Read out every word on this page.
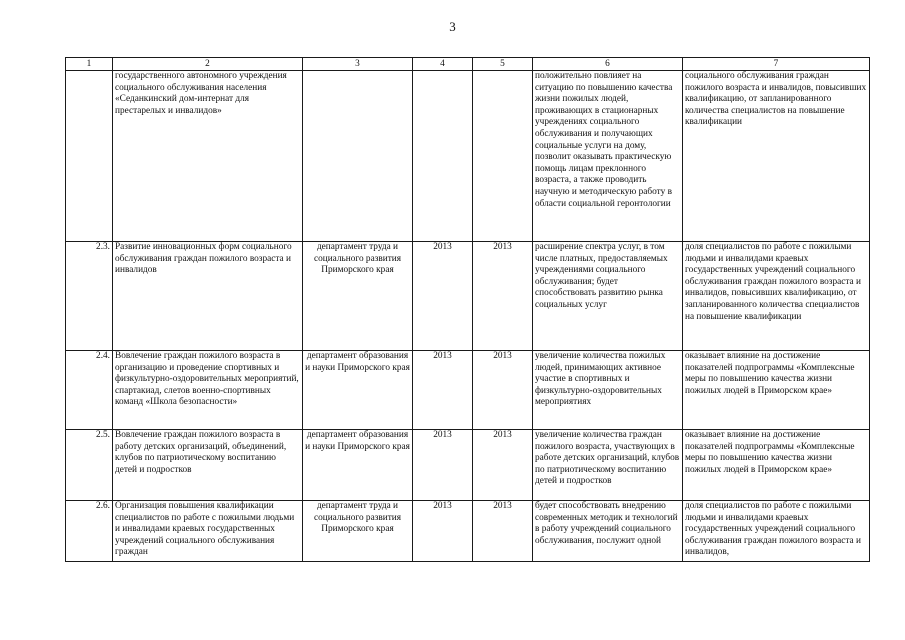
3
1	2	3	4	5	6	7
	государственного автономного учреждения социального обслуживания населения «Седанкинский дом-интернат для престарелых и инвалидов»				положительно повлияет на ситуацию по повышению качества жизни пожилых людей, проживающих в стационарных учреждениях социального обслуживания и получающих социальные услуги на дому, позволит оказывать практическую помощь лицам преклонного возраста, а также проводить научную и методическую работу в области социальной геронтологии	социального обслуживания граждан пожилого возраста и инвалидов, повысивших квалификацию, от запланированного количества специалистов на повышение квалификации
2.3.	Развитие инновационных форм социального обслуживания граждан пожилого возраста и инвалидов	департамент труда и социального развития Приморского края	2013	2013	расширение спектра услуг, в том числе платных, предоставляемых учреждениями социального обслуживания; будет способствовать развитию рынка социальных услуг	доля специалистов по работе с пожилыми людьми и инвалидами краевых государственных учреждений социального обслуживания граждан пожилого возраста и инвалидов, повысивших квалификацию, от запланированного количества специалистов на повышение квалификации
2.4.	Вовлечение граждан пожилого возраста в организацию и проведение спортивных и физкультурно-оздоровительных мероприятий, спартакиад, слетов военно-спортивных команд «Школа безопасности»	департамент образования и науки Приморского края	2013	2013	увеличение количества пожилых людей, принимающих активное участие в спортивных и физкультурно-оздоровительных мероприятиях	оказывает влияние на достижение показателей подпрограммы «Комплексные меры по повышению качества жизни пожилых людей в Приморском крае»
2.5.	Вовлечение граждан пожилого возраста в работу детских организаций, объединений, клубов по патриотическому воспитанию детей и подростков	департамент образования и науки Приморского края	2013	2013	увеличение количества граждан пожилого возраста, участвующих в работе детских организаций, клубов по патриотическому воспитанию детей и подростков	оказывает влияние на достижение показателей подпрограммы «Комплексные меры по повышению качества жизни пожилых людей в Приморском крае»
2.6.	Организация повышения квалификации специалистов по работе с пожилыми людьми и инвалидами краевых государственных учреждений социального обслуживания граждан	департамент труда и социального развития Приморского края	2013	2013	будет способствовать внедрению современных методик и технологий в работу учреждений социального обслуживания, послужит одной	доля специалистов по работе с пожилыми людьми и инвалидами краевых государственных учреждений социального обслуживания граждан пожилого возраста и инвалидов,
